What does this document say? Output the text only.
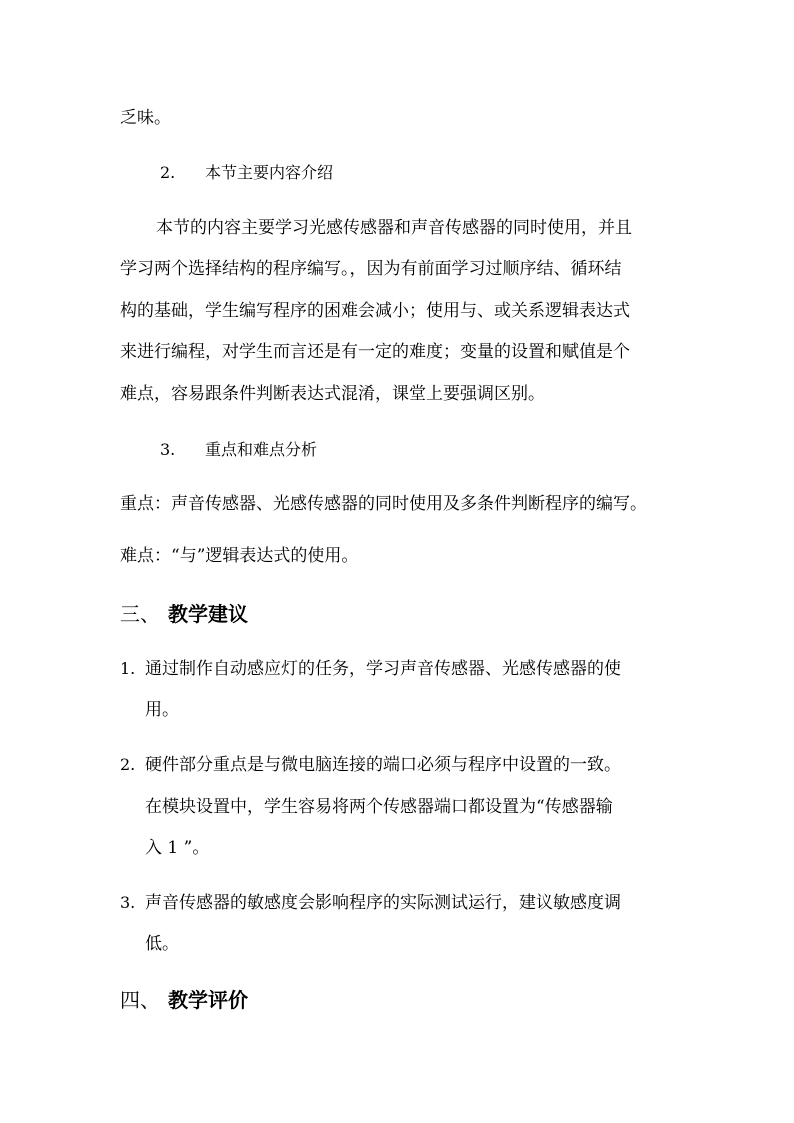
乏味。
2. 本节主要内容介绍
本节的内容主要学习光感传感器和声音传感器的同时使用，并且
学习两个选择结构的程序编写。，因为有前面学习过顺序结、循环结
构的基础，学生编写程序的困难会减小；使用与、或关系逻辑表达式
来进行编程，对学生而言还是有一定的难度；变量的设置和赋值是个
难点，容易跟条件判断表达式混淆，课堂上要强调区别。
3. 重点和难点分析
重点：声音传感器、光感传感器的同时使用及多条件判断程序的编写。
难点：“与”逻辑表达式的使用。
三、 教学建议
1. 通过制作自动感应灯的任务，学习声音传感器、光感传感器的使
用。
2. 硬件部分重点是与微电脑连接的端口必须与程序中设置的一致。
在模块设置中，学生容易将两个传感器端口都设置为“传感器输
入 1 ”。
3. 声音传感器的敏感度会影响程序的实际测试运行，建议敏感度调
低。
四、 教学评价
